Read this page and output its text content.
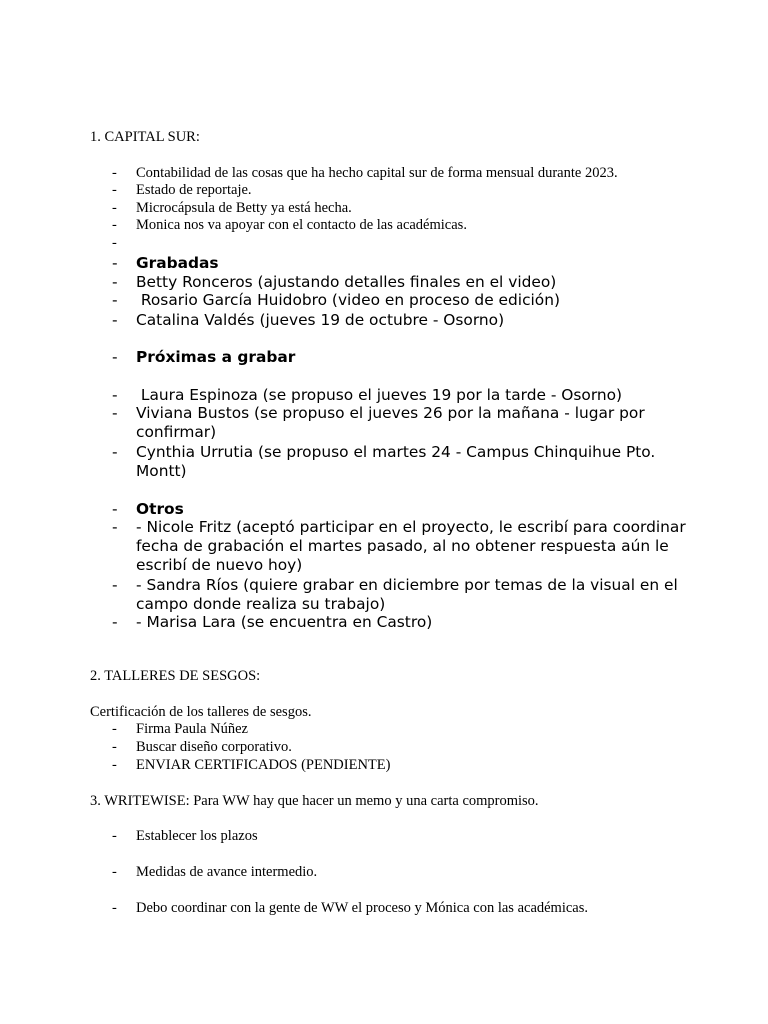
1. CAPITAL SUR:
-	Contabilidad de las cosas que ha hecho capital sur de forma mensual durante 2023.
-	Estado de reportaje.
-	Microcápsula de Betty ya está hecha.
-	Monica nos va apoyar con el contacto de las académicas.
-
-	Grabadas
-	Betty Ronceros (ajustando detalles finales en el video)
-	Rosario García Huidobro (video en proceso de edición)
-	Catalina Valdés (jueves 19 de octubre - Osorno)
-	Próximas a grabar
-	Laura Espinoza (se propuso el jueves 19 por la tarde - Osorno)
-	Viviana Bustos (se propuso el jueves 26 por la mañana - lugar por confirmar)
-	Cynthia Urrutia (se propuso el martes 24 - Campus Chinquihue Pto. Montt)
-	Otros
-	- Nicole Fritz (aceptó participar en el proyecto, le escribí para coordinar fecha de grabación el martes pasado, al no obtener respuesta aún le escribí de nuevo hoy)
-	- Sandra Ríos (quiere grabar en diciembre por temas de la visual en el campo donde realiza su trabajo)
-	- Marisa Lara (se encuentra en Castro)
2. TALLERES DE SESGOS:
Certificación de los talleres de sesgos.
-	Firma Paula Núñez
-	Buscar diseño corporativo.
-	ENVIAR CERTIFICADOS (PENDIENTE)
3. WRITEWISE: Para WW hay que hacer un memo y una carta compromiso.
-	Establecer los plazos
-	Medidas de avance intermedio.
-	Debo coordinar con la gente de WW el proceso y Mónica con las académicas.
